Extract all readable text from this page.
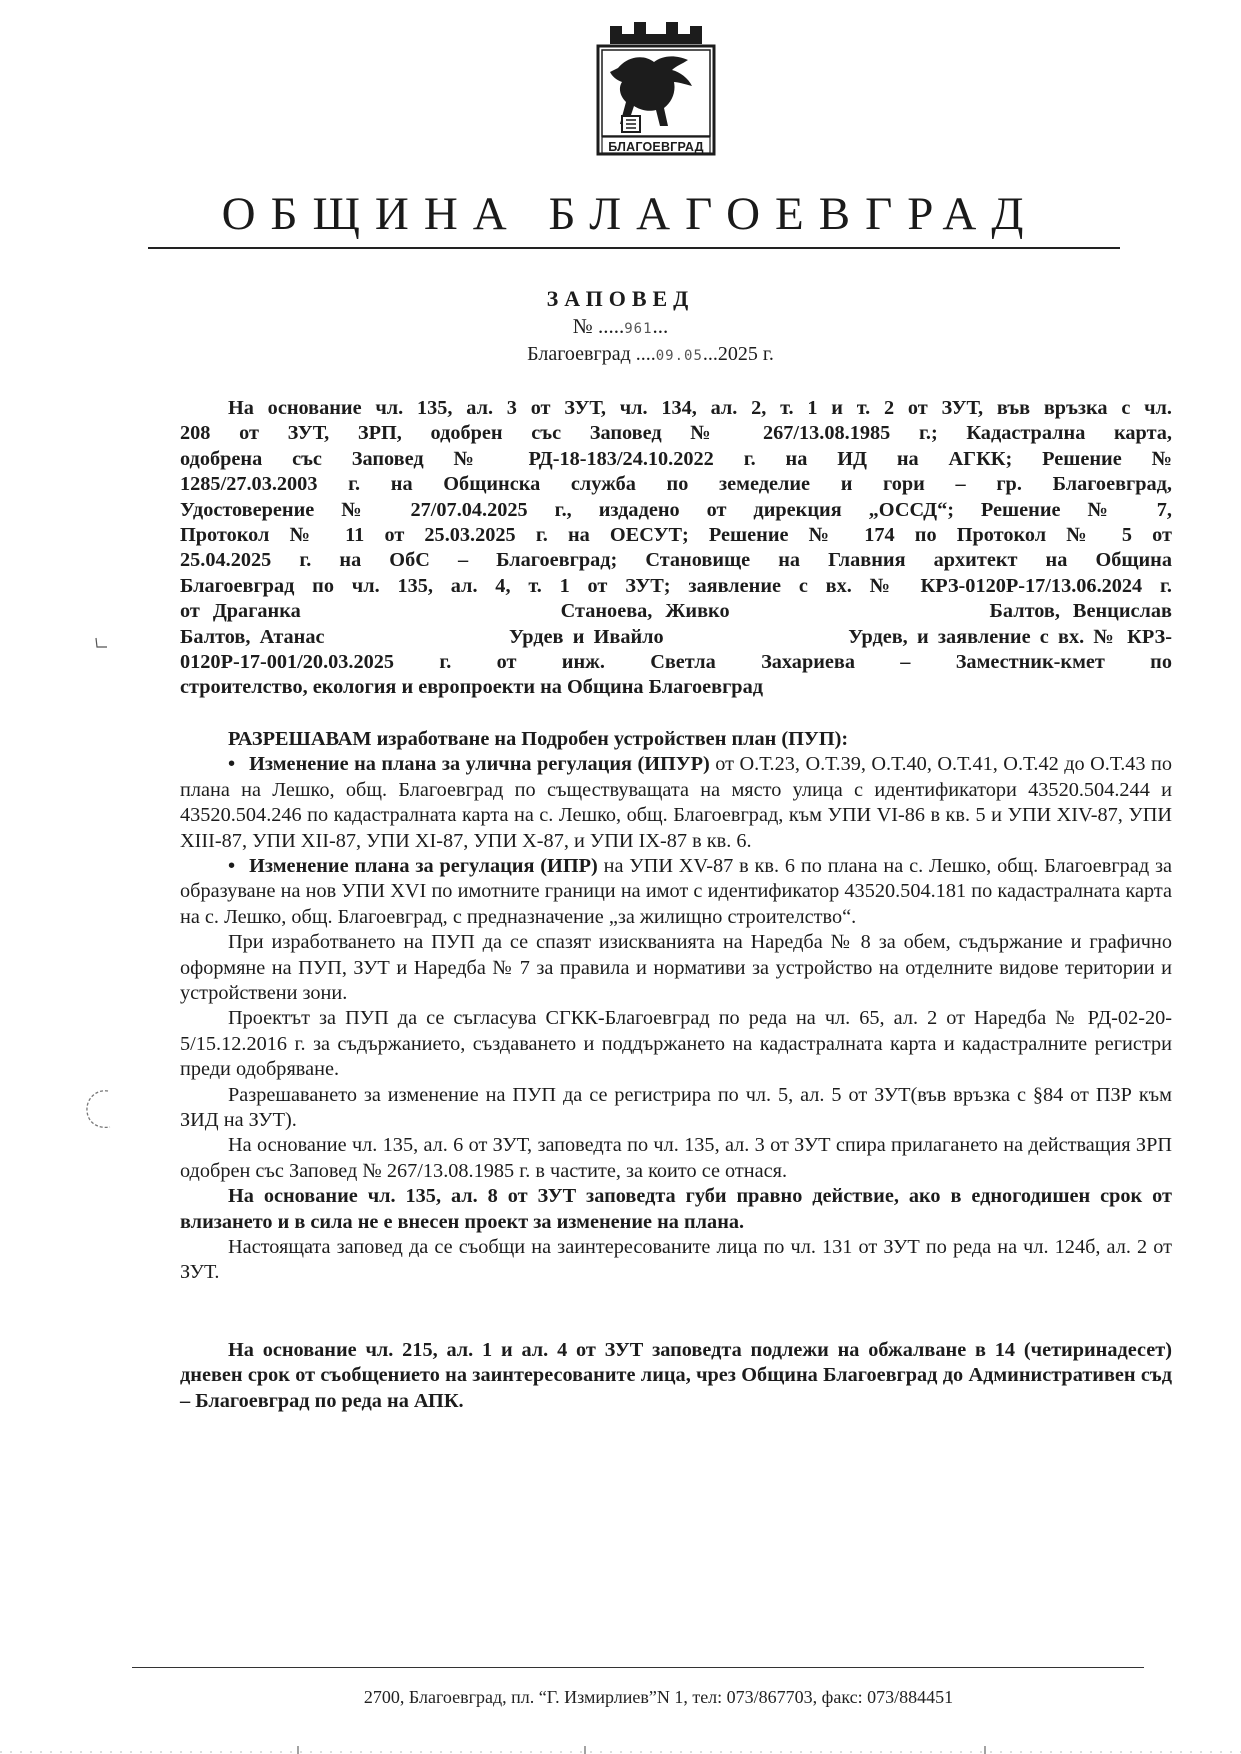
БЛАГОЕВГРАД
ОБЩИНА БЛАГОЕВГРАД
ЗАПОВЕД
№ .....961...
Благоевград ....09.05...2025 г.

На основание чл. 135, ал. 3 от ЗУТ, чл. 134, ал. 2, т. 1 и т. 2 от ЗУТ, във връзка с чл.
208 от ЗУТ, ЗРП, одобрен със Заповед № 267/13.08.1985 г.; Кадастрална карта,
одобрена със Заповед № РД-18-183/24.10.2022 г. на ИД на АГКК; Решение №
1285/27.03.2003 г. на Общинска служба по земеделие и гори – гр. Благоевград,
Удостоверение № 27/07.04.2025 г., издадено от дирекция „ОССД“; Решение № 7,
Протокол № 11 от 25.03.2025 г. на ОЕСУТ; Решение № 174 по Протокол № 5 от
25.04.2025 г. на ОбС – Благоевград; Становище на Главния архитект на Община
Благоевград по чл. 135, ал. 4, т. 1 от ЗУТ; заявление с вх. № КРЗ-0120Р-17/13.06.2024 г.
от Драганка                    Станоева, Живко                    Балтов, Венцислав
Балтов, Атанас                    Урдев и Ивайло                    Урдев, и заявление с вх. № КРЗ-
0120Р-17-001/20.03.2025 г. от инж. Светла Захариева – Заместник-кмет по
строителство, екология и европроекти на Община Благоевград

РАЗРЕШАВАМ изработване на Подробен устройствен план (ПУП):

• Изменение на плана за улична регулация (ИПУР) от О.Т.23, О.Т.39, О.Т.40, О.Т.41, О.Т.42 до О.Т.43 по плана на Лешко, общ. Благоевград по съществуващата на място улица с идентификатори 43520.504.244 и 43520.504.246 по кадастралната карта на с. Лешко, общ. Благоевград, към УПИ VI-86 в кв. 5 и УПИ XIV-87, УПИ XIII-87, УПИ XII-87, УПИ XI-87, УПИ X-87, и УПИ IX-87 в кв. 6.

• Изменение плана за регулация (ИПР) на УПИ XV-87 в кв. 6 по плана на с. Лешко, общ. Благоевград за образуване на нов УПИ XVI по имотните граници на имот с идентификатор 43520.504.181 по кадастралната карта на с. Лешко, общ. Благоевград, с предназначение „за жилищно строителство“.

При изработването на ПУП да се спазят изискванията на Наредба № 8 за обем, съдържание и графично оформяне на ПУП, ЗУТ и Наредба № 7 за правила и нормативи за устройство на отделните видове територии и устройствени зони.

Проектът за ПУП да се съгласува СГКК-Благоевград по реда на чл. 65, ал. 2 от Наредба № РД-02-20-5/15.12.2016 г. за съдържанието, създаването и поддържането на кадастралната карта и кадастралните регистри преди одобряване.

Разрешаването за изменение на ПУП да се регистрира по чл. 5, ал. 5 от ЗУТ(във връзка с §84 от ПЗР към ЗИД на ЗУТ).

На основание чл. 135, ал. 6 от ЗУТ, заповедта по чл. 135, ал. 3 от ЗУТ спира прилагането на действащия ЗРП одобрен със Заповед № 267/13.08.1985 г. в частите, за които се отнася.

На основание чл. 135, ал. 8 от ЗУТ заповедта губи правно действие, ако в едногодишен срок от влизането и в сила не е внесен проект за изменение на плана.

Настоящата заповед да се съобщи на заинтересованите лица по чл. 131 от ЗУТ по реда на чл. 124б, ал. 2 от ЗУТ.

На основание чл. 215, ал. 1 и ал. 4 от ЗУТ заповедта подлежи на обжалване в 14 (четиринадесет) дневен срок от съобщението на заинтересованите лица, чрез Община Благоевград до Административен съд – Благоевград по реда на АПК.

2700, Благоевград, пл. “Г. Измирлиев”N 1, тел: 073/867703, факс: 073/884451
